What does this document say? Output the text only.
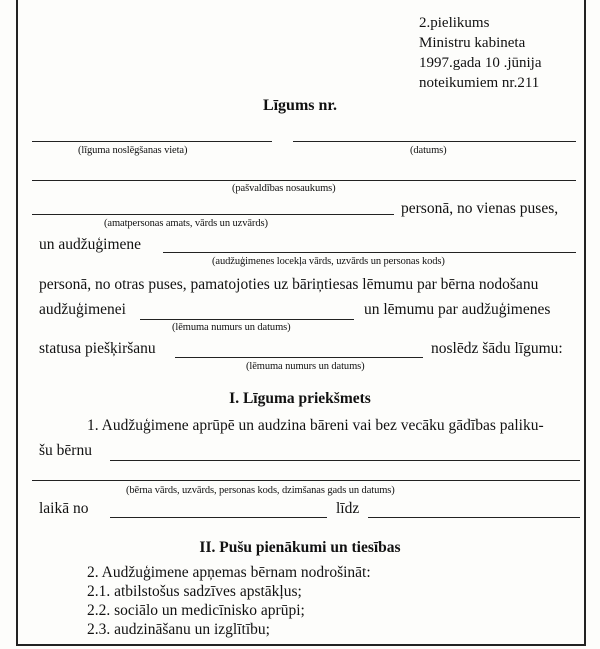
2.pielikums
Ministru kabineta
1997.gada 10 .jūnija
noteikumiem nr.211
Līgums nr.
(līguma noslēgšanas vieta)	(datums)
(pašvaldības nosaukums)
personā, no vienas puses,
(amatpersonas amats, vārds un uzvārds)
un audžuģimene
(audžuģimenes locekļa vārds, uzvārds un personas kods)
personā, no otras puses, pamatojoties uz bāriņtiesas lēmumu par bērna nodošanu
audžuģimenei	un lēmumu par audžuģimenes
(lēmuma numurs un datums)
statusa piešķiršanu	noslēdz šādu līgumu:
(lēmuma numurs un datums)
I. Līguma priekšmets
1. Audžuģimene aprūpē un audzina bāreni vai bez vecāku gādības paliku-
šu bērnu
(bērna vārds, uzvārds, personas kods, dzimšanas gads un datums)
laikā no	līdz
II. Pušu pienākumi un tiesības
2. Audžuģimene apņemas bērnam nodrošināt:
2.1. atbilstošus sadzīves apstākļus;
2.2. sociālo un medicīnisko aprūpi;
2.3. audzināšanu un izglītību;
